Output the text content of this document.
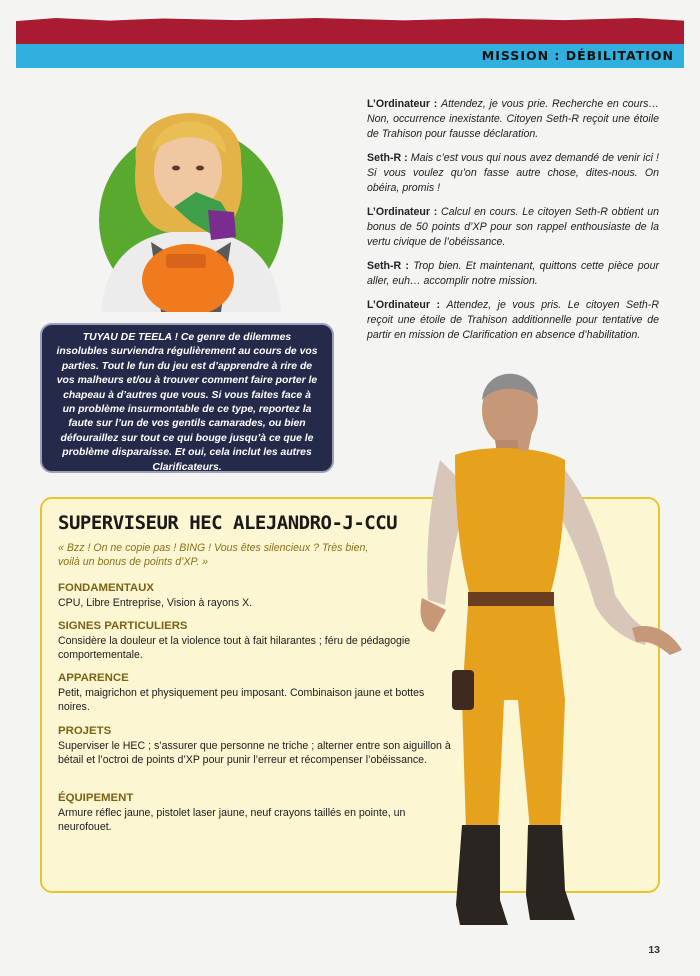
MISSION : DÉBILITATION

L’Ordinateur : Attendez, je vous prie. Recherche en cours… Non, occurrence inexistante. Citoyen Seth-R reçoit une étoile de Trahison pour fausse déclaration.

Seth-R : Mais c’est vous qui nous avez demandé de venir ici ! Si vous voulez qu’on fasse autre chose, dites-nous. On obéira, promis !

L’Ordinateur : Calcul en cours. Le citoyen Seth-R obtient un bonus de 50 points d’XP pour son rappel enthousiaste de la vertu civique de l’obéissance.

Seth-R : Trop bien. Et maintenant, quittons cette pièce pour aller, euh… accomplir notre mission.

L’Ordinateur : Attendez, je vous pris. Le citoyen Seth-R reçoit une étoile de Trahison additionnelle pour tentative de partir en mission de Clarification en absence d’habilitation.

TUYAU DE TEELA ! Ce genre de dilemmes insolubles surviendra régulièrement au cours de vos parties. Tout le fun du jeu est d’apprendre à rire de vos malheurs et/ou à trouver comment faire porter le chapeau à d’autres que vous. Si vous faites face à un problème insurmontable de ce type, reportez la faute sur l’un de vos gentils camarades, ou bien défouraillez sur tout ce qui bouge jusqu’à ce que le problème disparaisse. Et oui, cela inclut les autres Clarificateurs.
SUPERVISEUR HEC ALEJANDRO-J-CCU
« Bzz ! On ne copie pas ! BING ! Vous êtes silencieux ? Très bien, voilà un bonus de points d’XP. »
FONDAMENTAUX
CPU, Libre Entreprise, Vision à rayons X.
SIGNES PARTICULIERS
Considère la douleur et la violence tout à fait hilarantes ; féru de pédagogie comportementale.
APPARENCE
Petit, maigrichon et physiquement peu imposant. Combinaison jaune et bottes noires.
PROJETS
Superviser le HEC ; s’assurer que personne ne triche ; alterner entre son aiguillon à bétail et l’octroi de points d’XP pour punir l’erreur et récompenser l’obéissance.
ÉQUIPEMENT
Armure réflec jaune, pistolet laser jaune, neuf crayons taillés en pointe, un neurofouet.
13
